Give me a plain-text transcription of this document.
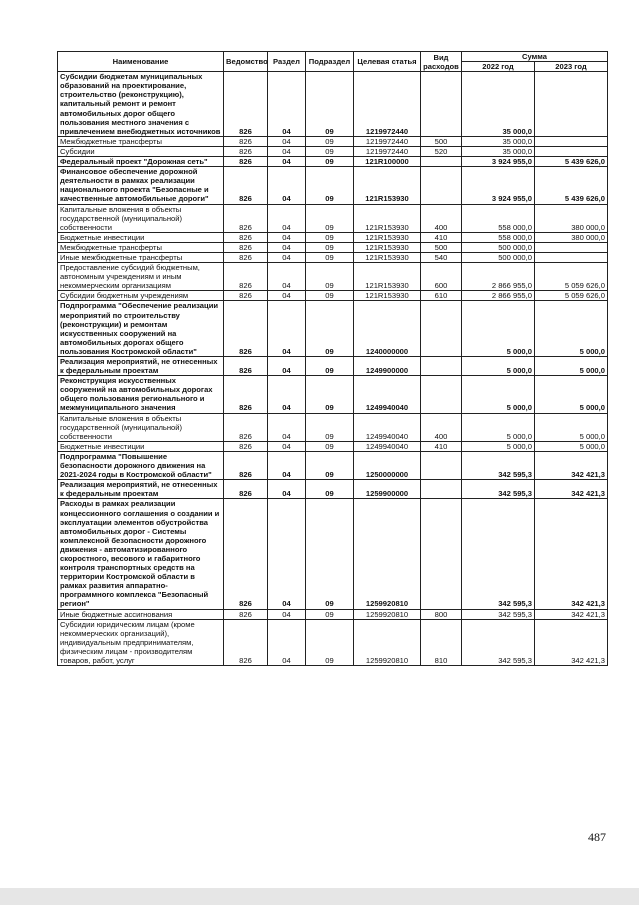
Наименование	Ведомство	Раздел	Подраздел	Целевая статья	Вид расходов	Сумма	
						2022 год	2023 год
Субсидии бюджетам муниципальных образований на проектирование, строительство (реконструкцию), капитальный ремонт и ремонт автомобильных дорог общего пользования местного значения с привлечением внебюджетных источников	826	04	09	1219972440		35 000,0	
Межбюджетные трансферты	826	04	09	1219972440	500	35 000,0	
Субсидии	826	04	09	1219972440	520	35 000,0	
Федеральный проект "Дорожная сеть"	826	04	09	121R100000		3 924 955,0	5 439 626,0
Финансовое обеспечение дорожной деятельности в рамках реализации национального проекта "Безопасные и качественные автомобильные дороги"	826	04	09	121R153930		3 924 955,0	5 439 626,0
Капитальные вложения в объекты государственной (муниципальной) собственности	826	04	09	121R153930	400	558 000,0	380 000,0
Бюджетные инвестиции	826	04	09	121R153930	410	558 000,0	380 000,0
Межбюджетные трансферты	826	04	09	121R153930	500	500 000,0	
Иные межбюджетные трансферты	826	04	09	121R153930	540	500 000,0	
Предоставление субсидий бюджетным, автономным учреждениям и иным некоммерческим организациям	826	04	09	121R153930	600	2 866 955,0	5 059 626,0
Субсидии бюджетным учреждениям	826	04	09	121R153930	610	2 866 955,0	5 059 626,0
Подпрограмма "Обеспечение реализации мероприятий по строительству (реконструкции) и ремонтам искусственных сооружений на автомобильных дорогах общего пользования Костромской области"	826	04	09	1240000000		5 000,0	5 000,0
Реализация мероприятий, не отнесенных к федеральным проектам	826	04	09	1249900000		5 000,0	5 000,0
Реконструкция искусственных сооружений на автомобильных дорогах общего пользования регионального и межмуниципального значения	826	04	09	1249940040		5 000,0	5 000,0
Капитальные вложения в объекты государственной (муниципальной) собственности	826	04	09	1249940040	400	5 000,0	5 000,0
Бюджетные инвестиции	826	04	09	1249940040	410	5 000,0	5 000,0
Подпрограмма "Повышение безопасности дорожного движения на 2021-2024 годы в Костромской области"	826	04	09	1250000000		342 595,3	342 421,3
Реализация мероприятий, не отнесенных к федеральным проектам	826	04	09	1259900000		342 595,3	342 421,3
Расходы в рамках реализации концессионного соглашения о создании и эксплуатации элементов обустройства автомобильных дорог - Системы комплексной безопасности дорожного движения - автоматизированного скоростного, весового и габаритного контроля транспортных средств на территории Костромской области в рамках развития аппаратно-программного комплекса "Безопасный регион"	826	04	09	1259920810		342 595,3	342 421,3
Иные бюджетные ассигнования	826	04	09	1259920810	800	342 595,3	342 421,3
Субсидии юридическим лицам (кроме некоммерческих организаций), индивидуальным предпринимателям, физическим лицам - производителям товаров, работ, услуг	826	04	09	1259920810	810	342 595,3	342 421,3
487
